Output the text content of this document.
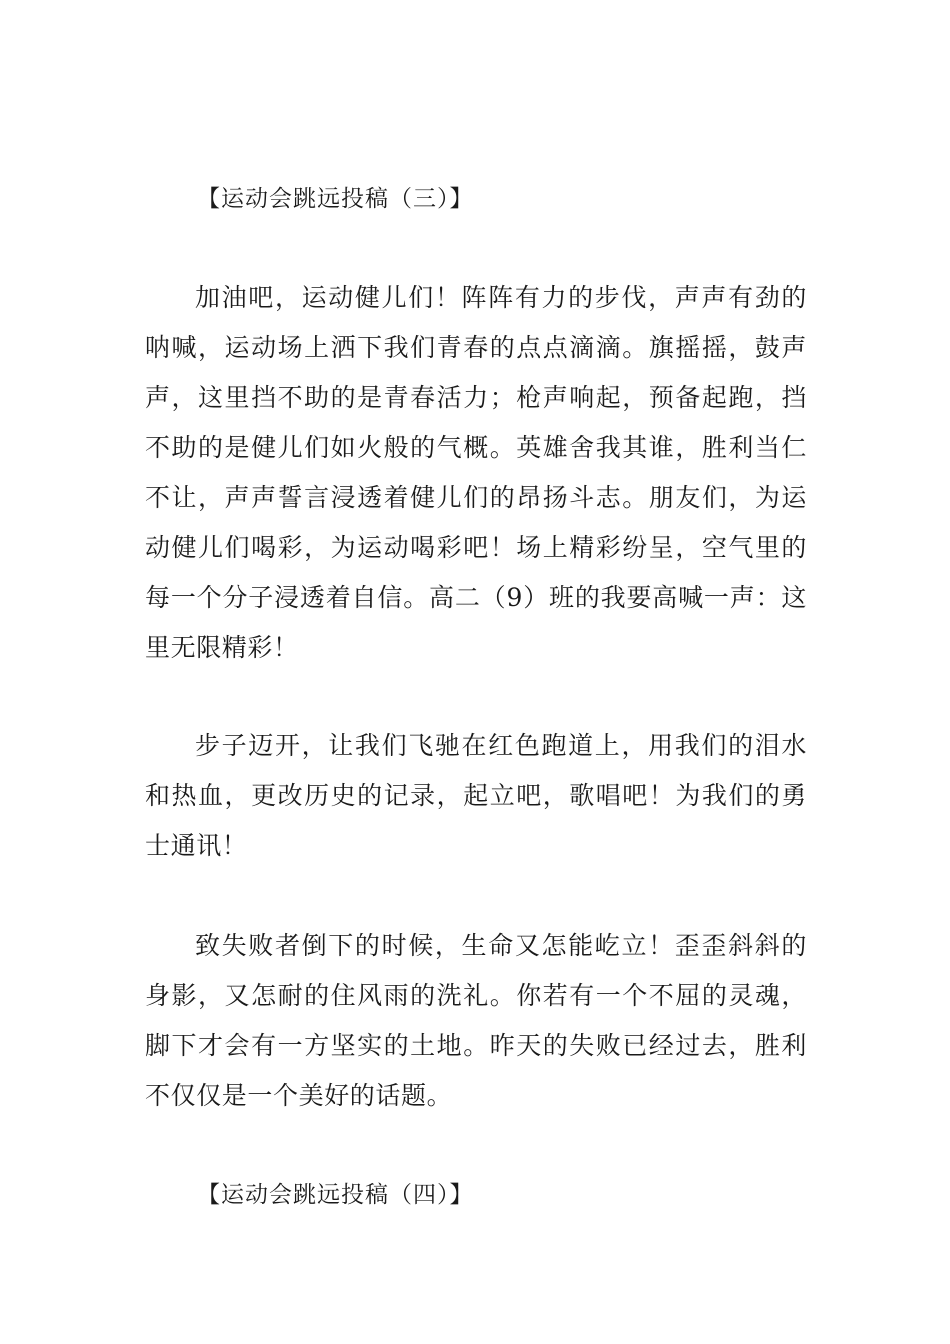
【运动会跳远投稿（三）】

加油吧，运动健儿们！阵阵有力的步伐，声声有劲的呐喊，运动场上洒下我们青春的点点滴滴。旗摇摇，鼓声声，这里挡不助的是青春活力；枪声响起，预备起跑，挡不助的是健儿们如火般的气概。英雄舍我其谁，胜利当仁不让，声声誓言浸透着健儿们的昂扬斗志。朋友们，为运动健儿们喝彩，为运动喝彩吧！场上精彩纷呈，空气里的每一个分子浸透着自信。高二（9）班的我要高喊一声：这里无限精彩！

步子迈开，让我们飞驰在红色跑道上，用我们的泪水和热血，更改历史的记录，起立吧，歌唱吧！为我们的勇士通讯！

致失败者倒下的时候，生命又怎能屹立！歪歪斜斜的身影，又怎耐的住风雨的洗礼。你若有一个不屈的灵魂，脚下才会有一方坚实的土地。昨天的失败已经过去，胜利不仅仅是一个美好的话题。

【运动会跳远投稿（四）】
